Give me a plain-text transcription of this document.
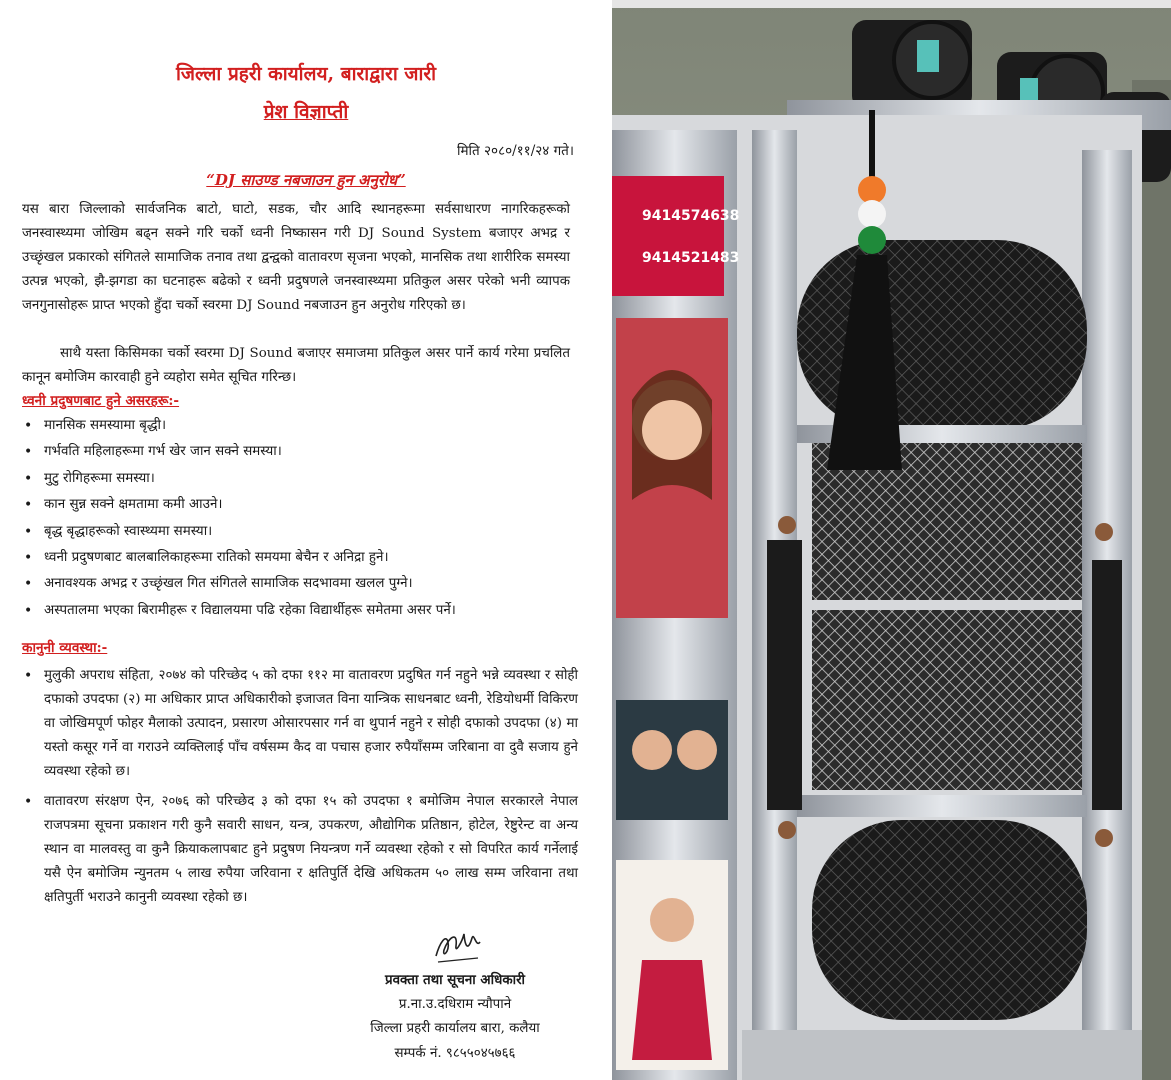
जिल्ला प्रहरी कार्यालय, बाराद्वारा जारी
प्रेश विज्ञाप्ती
मिति २०८०/११/२४ गते।
“DJ साउण्ड नबजाउन हुन अनुरोध”
यस बारा जिल्लाको सार्वजनिक बाटो, घाटो, सडक, चौर आदि स्थानहरूमा सर्वसाधारण नागरिकहरूको जनस्वास्थ्यमा जोखिम बढ्न सक्ने गरि चर्को ध्वनी निष्कासन गरी DJ Sound System बजाएर अभद्र र उच्छृंखल प्रकारको संगितले सामाजिक तनाव तथा द्वन्द्वको वातावरण सृजना भएको, मानसिक तथा शारीरिक समस्या उत्पन्न भएको, झै-झगडा का घटनाहरू बढेको र ध्वनी प्रदुषणले जनस्वास्थ्यमा प्रतिकुल असर परेको भनी व्यापक जनगुनासोहरू प्राप्त भएको हुँदा चर्को स्वरमा DJ Sound नबजाउन हुन अनुरोध गरिएको छ।
साथै यस्ता किसिमका चर्को स्वरमा DJ Sound बजाएर समाजमा प्रतिकुल असर पार्ने कार्य गरेमा प्रचलित कानून बमोजिम कारवाही हुने व्यहोरा समेत सूचित गरिन्छ।
ध्वनी प्रदुषणबाट हुने असरहरू:-
• मानसिक समस्यामा बृद्धी।
• गर्भवति महिलाहरूमा गर्भ खेर जान सक्ने समस्या।
• मुटु रोगिहरूमा समस्या।
• कान सुन्न सक्ने क्षमतामा कमी आउने।
• बृद्ध बृद्धाहरूको स्वास्थ्यमा समस्या।
• ध्वनी प्रदुषणबाट बालबालिकाहरूमा रातिको समयमा बेचैन र अनिद्रा हुने।
• अनावश्यक अभद्र र उच्छृंखल गित संगितले सामाजिक सदभावमा खलल पुग्ने।
• अस्पतालमा भएका बिरामीहरू र विद्यालयमा पढि रहेका विद्यार्थीहरू समेतमा असर पर्ने।
कानुनी व्यवस्था:-
• मुलुकी अपराध संहिता, २०७४ को परिच्छेद ५ को दफा ११२ मा वातावरण प्रदुषित गर्न नहुने भन्ने व्यवस्था र सोही दफाको उपदफा (२) मा अधिकार प्राप्त अधिकारीको इजाजत विना यान्त्रिक साधनबाट ध्वनी, रेडियोधर्मी विकिरण वा जोखिमपूर्ण फोहर मैलाको उत्पादन, प्रसारण ओसारपसार गर्न वा थुपार्न नहुने र सोही दफाको उपदफा (४) मा यस्तो कसूर गर्ने वा गराउने व्यक्तिलाई पाँच वर्षसम्म कैद वा पचास हजार रुपैयाँसम्म जरिबाना वा दुवै सजाय हुने व्यवस्था रहेको छ।
• वातावरण संरक्षण ऐन, २०७६ को परिच्छेद ३ को दफा १५ को उपदफा १ बमोजिम नेपाल सरकारले नेपाल राजपत्रमा सूचना प्रकाशन गरी कुनै सवारी साधन, यन्त्र, उपकरण, औद्योगिक प्रतिष्ठान, होटेल, रेष्टुरेन्ट वा अन्य स्थान वा मालवस्तु वा कुनै क्रियाकलापबाट हुने प्रदुषण नियन्त्रण गर्ने व्यवस्था रहेको र सो विपरित कार्य गर्नेलाई यसै ऐन बमोजिम न्युनतम ५ लाख रुपैया जरिवाना र क्षतिपुर्ति देखि अधिकतम ५० लाख सम्म जरिवाना तथा क्षतिपुर्ती भराउने कानुनी व्यवस्था रहेको छ।
प्रवक्ता तथा सूचना अधिकारी
प्र.ना.उ.दधिराम न्यौपाने
जिल्ला प्रहरी कार्यालय बारा, कलैया
सम्पर्क नं. ९८५५०४५७६६
9414574638
9414521483
